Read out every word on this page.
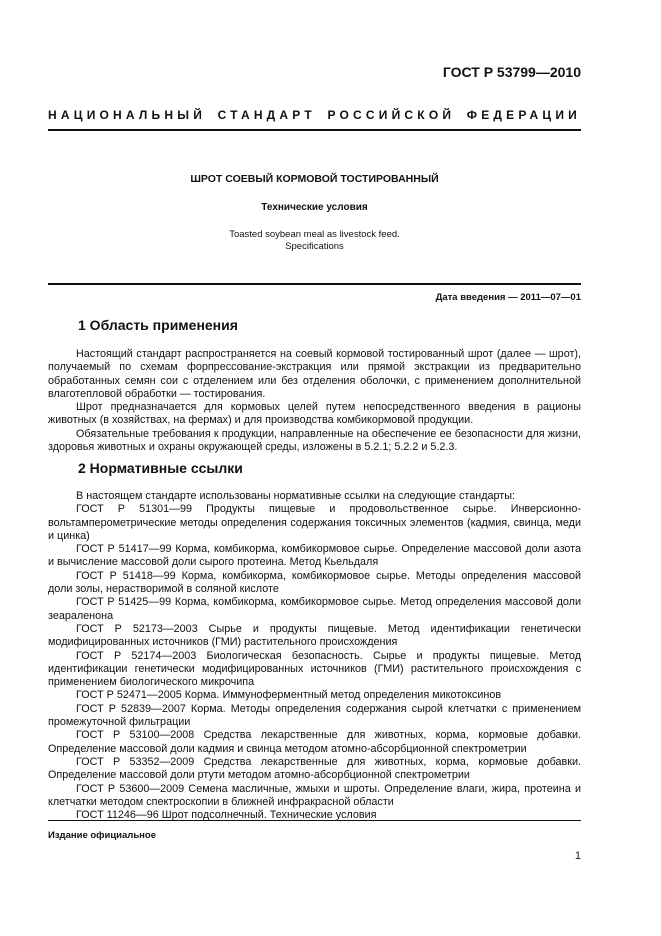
ГОСТ Р 53799—2010
НАЦИОНАЛЬНЫЙ СТАНДАРТ РОССИЙСКОЙ ФЕДЕРАЦИИ
ШРОТ СОЕВЫЙ КОРМОВОЙ ТОСТИРОВАННЫЙ
Технические условия
Toasted soybean meal as livestock feed.
Specifications
Дата введения — 2011—07—01
1 Область применения

Настоящий стандарт распространяется на соевый кормовой тостированный шрот (далее — шрот), получаемый по схемам форпрессование-экстракция или прямой экстракции из предварительно обработанных семян сои с отделением или без отделения оболочки, с применением дополнительной влаготепловой обработки — тостирования.

Шрот предназначается для кормовых целей путем непосредственного введения в рационы животных (в хозяйствах, на фермах) и для производства комбикормовой продукции.

Обязательные требования к продукции, направленные на обеспечение ее безопасности для жизни, здоровья животных и охраны окружающей среды, изложены в 5.2.1; 5.2.2 и 5.2.3.

2 Нормативные ссылки

В настоящем стандарте использованы нормативные ссылки на следующие стандарты:

ГОСТ Р 51301—99 Продукты пищевые и продовольственное сырье. Инверсионно-вольтамперометрические методы определения содержания токсичных элементов (кадмия, свинца, меди и цинка)

ГОСТ Р 51417—99 Корма, комбикорма, комбикормовое сырье. Определение массовой доли азота и вычисление массовой доли сырого протеина. Метод Кьельдаля

ГОСТ Р 51418—99 Корма, комбикорма, комбикормовое сырье. Методы определения массовой доли золы, нерастворимой в соляной кислоте

ГОСТ Р 51425—99 Корма, комбикорма, комбикормовое сырье. Метод определения массовой доли зеараленона

ГОСТ Р 52173—2003 Сырье и продукты пищевые. Метод идентификации генетически модифицированных источников (ГМИ) растительного происхождения

ГОСТ Р 52174—2003 Биологическая безопасность. Сырье и продукты пищевые. Метод идентификации генетически модифицированных источников (ГМИ) растительного происхождения с применением биологического микрочипа

ГОСТ Р 52471—2005 Корма. Иммуноферментный метод определения микотоксинов

ГОСТ Р 52839—2007 Корма. Методы определения содержания сырой клетчатки с применением промежуточной фильтрации

ГОСТ Р 53100—2008 Средства лекарственные для животных, корма, кормовые добавки. Определение массовой доли кадмия и свинца методом атомно-абсорбционной спектрометрии

ГОСТ Р 53352—2009 Средства лекарственные для животных, корма, кормовые добавки. Определение массовой доли ртути методом атомно-абсорбционной спектрометрии

ГОСТ Р 53600—2009 Семена масличные, жмыхи и шроты. Определение влаги, жира, протеина и клетчатки методом спектроскопии в ближней инфракрасной области

ГОСТ 11246—96 Шрот подсолнечный. Технические условия

Издание официальное
1
